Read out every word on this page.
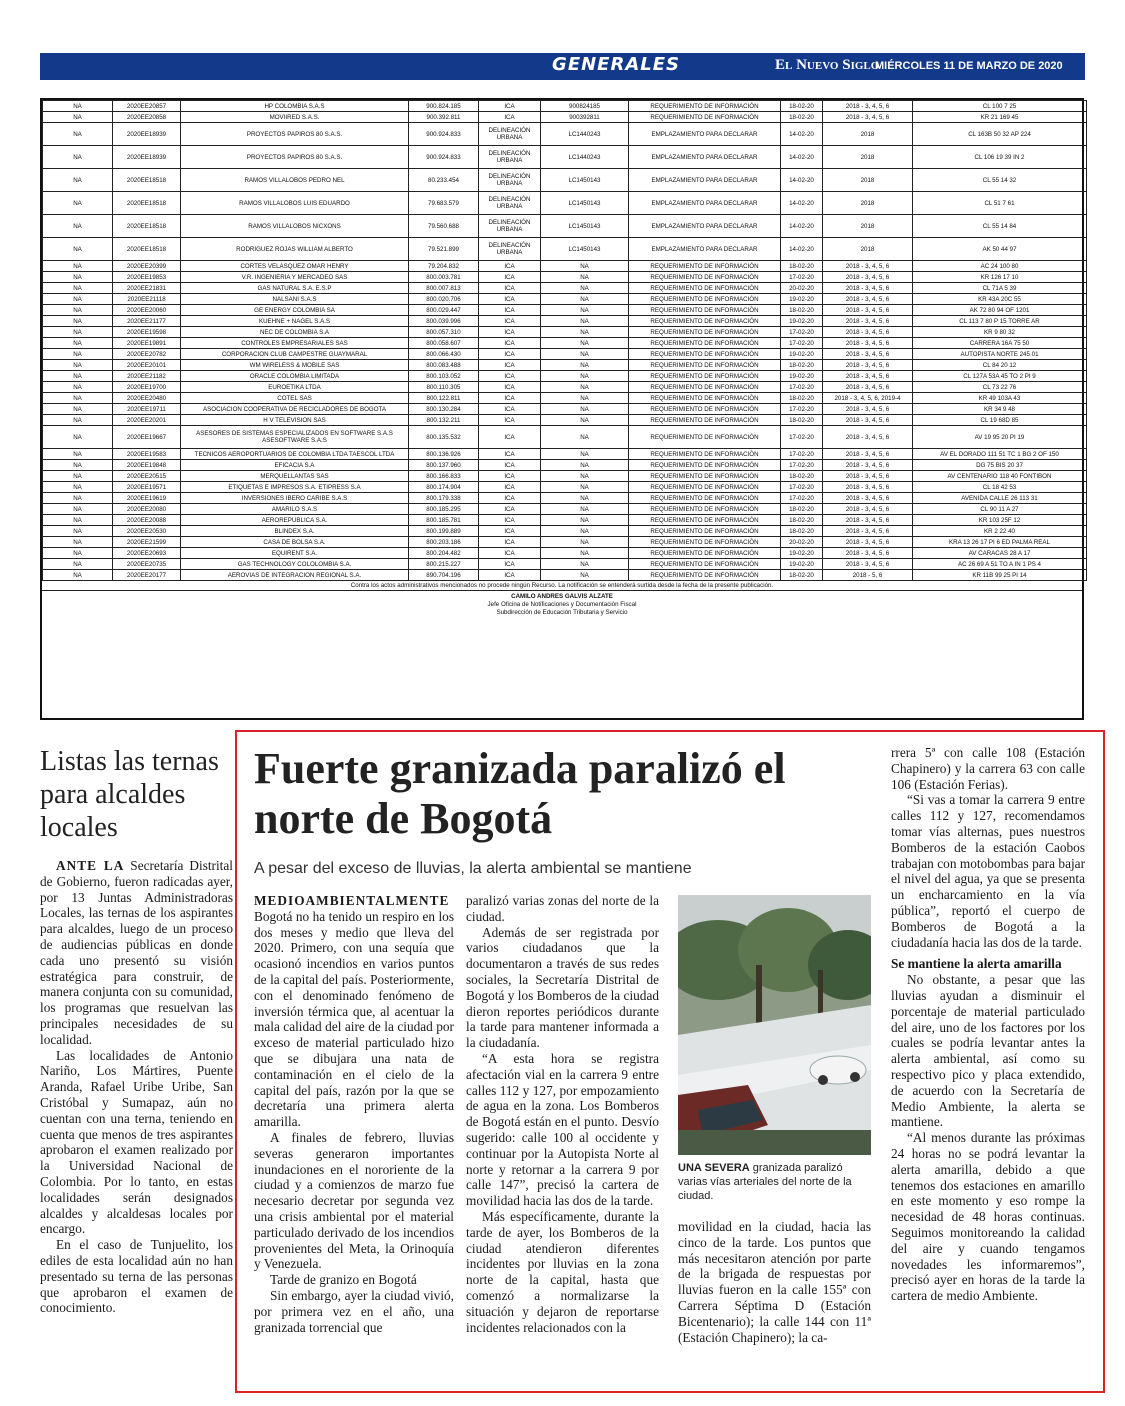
GENERALES	El Nuevo Siglo
MIÉRCOLES 11 DE MARZO DE 2020 23A
NA	2020EE20857	HP COLOMBIA S.A.S	900.824.185	ICA	900824185	REQUERIMIENTO DE INFORMACIÓN	18-02-20	2018 - 3, 4, 5, 6	CL 100 7 25
NA	2020EE20858	MOVIIRED S.A.S.	900.392.811	ICA	900392811	REQUERIMIENTO DE INFORMACIÓN	18-02-20	2018 - 3, 4, 5, 6	KR 21 169 45
NA	2020EE18939	PROYECTOS PAPIROS 80 S.A.S.	900.924.833	DELINEACIÓN URBANA	LC1440243	EMPLAZAMIENTO PARA DECLARAR	14-02-20	2018	CL 163B 50 32 AP 224
NA	2020EE18939	PROYECTOS PAPIROS 80 S.A.S.	900.924.833	DELINEACIÓN URBANA	LC1440243	EMPLAZAMIENTO PARA DECLARAR	14-02-20	2018	CL 106 19 39 IN 2
NA	2020EE18518	RAMOS VILLALOBOS PEDRO NEL	80.233.454	DELINEACIÓN URBANA	LC1450143	EMPLAZAMIENTO PARA DECLARAR	14-02-20	2018	CL 55 14 32
NA	2020EE18518	RAMOS VILLALOBOS LUIS EDUARDO	79.683.579	DELINEACIÓN URBANA	LC1450143	EMPLAZAMIENTO PARA DECLARAR	14-02-20	2018	CL 51 7 61
NA	2020EE18518	RAMOS VILLALOBOS NICXONS	79.560.688	DELINEACIÓN URBANA	LC1450143	EMPLAZAMIENTO PARA DECLARAR	14-02-20	2018	CL 55 14 84
NA	2020EE18518	RODRIGUEZ ROJAS WILLIAM ALBERTO	79.521.899	DELINEACIÓN URBANA	LC1450143	EMPLAZAMIENTO PARA DECLARAR	14-02-20	2018	AK 50 44 97
NA	2020EE20399	CORTES VELASQUEZ OMAR HENRY	79.204.832	ICA	NA	REQUERIMIENTO DE INFORMACIÓN	18-02-20	2018 - 3, 4, 5, 6	AC 24 100 80
NA	2020EE19853	V.R. INGENIERIA Y MERCADEO SAS	800.003.781	ICA	NA	REQUERIMIENTO DE INFORMACIÓN	17-02-20	2018 - 3, 4, 5, 6	KR 126 17 10
NA	2020EE21831	GAS NATURAL S.A. E.S.P	800.007.813	ICA	NA	REQUERIMIENTO DE INFORMACIÓN	20-02-20	2018 - 3, 4, 5, 6	CL 71A 5 39
NA	2020EE21118	NALSANI S.A.S	800.020.706	ICA	NA	REQUERIMIENTO DE INFORMACIÓN	19-02-20	2018 - 3, 4, 5, 6	KR 43A 20C 55
NA	2020EE20060	GE ENERGY COLOMBIA SA	800.029.447	ICA	NA	REQUERIMIENTO DE INFORMACIÓN	18-02-20	2018 - 3, 4, 5, 6	AK 72 80 94 OF 1201
NA	2020EE21177	KUEHNE + NAGEL S.A.S	800.039.996	ICA	NA	REQUERIMIENTO DE INFORMACIÓN	19-02-20	2018 - 3, 4, 5, 6	CL 113 7 80 P 15 TORRE AR
NA	2020EE19598	NEC DE COLOMBIA S.A	800.057.310	ICA	NA	REQUERIMIENTO DE INFORMACIÓN	17-02-20	2018 - 3, 4, 5, 6	KR 9 80 32
NA	2020EE19891	CONTROLES EMPRESARIALES SAS	800.058.607	ICA	NA	REQUERIMIENTO DE INFORMACIÓN	17-02-20	2018 - 3, 4, 5, 6	CARRERA 16A 75 50
NA	2020EE20782	CORPORACION CLUB CAMPESTRE GUAYMARAL	800.066.430	ICA	NA	REQUERIMIENTO DE INFORMACIÓN	19-02-20	2018 - 3, 4, 5, 6	AUTOPISTA NORTE 245 01
NA	2020EE20101	WM WIRELESS & MOBILE SAS	800.083.488	ICA	NA	REQUERIMIENTO DE INFORMACIÓN	18-02-20	2018 - 3, 4, 5, 6	CL 84 20 12
NA	2020EE21182	ORACLE COLOMBIA LIMITADA	800.103.052	ICA	NA	REQUERIMIENTO DE INFORMACIÓN	19-02-20	2018 - 3, 4, 5, 6	CL 127A 53A 45 TO 2 PI 9
NA	2020EE19700	EUROETIKA LTDA	800.110.305	ICA	NA	REQUERIMIENTO DE INFORMACIÓN	17-02-20	2018 - 3, 4, 5, 6	CL 73 22 76
NA	2020EE20480	COTEL SAS	800.122.811	ICA	NA	REQUERIMIENTO DE INFORMACIÓN	18-02-20	2018 - 3, 4, 5, 6, 2019-4	KR 49 103A 43
NA	2020EE19711	ASOCIACION COOPERATIVA DE RECICLADORES DE BOGOTA	800.130.284	ICA	NA	REQUERIMIENTO DE INFORMACIÓN	17-02-20	2018 - 3, 4, 5, 6	KR 34 9 48
NA	2020EE20201	H V TELEVISION SAS	800.132.211	ICA	NA	REQUERIMIENTO DE INFORMACIÓN	18-02-20	2018 - 3, 4, 5, 6	CL 19 68D 85
NA	2020EE19667	ASESORES DE SISTEMAS ESPECIALIZADOS EN SOFTWARE S.A.S ASESOFTWARE S.A.S	800.135.532	ICA	NA	REQUERIMIENTO DE INFORMACIÓN	17-02-20	2018 - 3, 4, 5, 6	AV 19 95 20 PI 19
NA	2020EE19583	TECNICOS AEROPORTUARIOS DE COLOMBIA LTDA TAESCOL LTDA	800.136.926	ICA	NA	REQUERIMIENTO DE INFORMACIÓN	17-02-20	2018 - 3, 4, 5, 6	AV EL DORADO 111 51 TC 1 BG 2 OF 150
NA	2020EE19848	EFICACIA S.A	800.137.960	ICA	NA	REQUERIMIENTO DE INFORMACIÓN	17-02-20	2018 - 3, 4, 5, 6	DG 75 BIS 20 37
NA	2020EE20515	MERQUELLANTAS SAS	800.166.833	ICA	NA	REQUERIMIENTO DE INFORMACIÓN	18-02-20	2018 - 3, 4, 5, 6	AV CENTENARIO 118 40 FONTIBON
NA	2020EE19571	ETIQUETAS E IMPRESOS S.A. ETIPRESS S.A	800.174.904	ICA	NA	REQUERIMIENTO DE INFORMACIÓN	17-02-20	2018 - 3, 4, 5, 6	CL 18 42 53
NA	2020EE19619	INVERSIONES IBERO CARIBE S.A.S	800.179.338	ICA	NA	REQUERIMIENTO DE INFORMACIÓN	17-02-20	2018 - 3, 4, 5, 6	AVENIDA CALLE 26 113 31
NA	2020EE20080	AMARILO S.A.S	800.185.295	ICA	NA	REQUERIMIENTO DE INFORMACIÓN	18-02-20	2018 - 3, 4, 5, 6	CL 90 11 A 27
NA	2020EE20088	AEROREPUBLICA S.A.	800.185.781	ICA	NA	REQUERIMIENTO DE INFORMACIÓN	18-02-20	2018 - 3, 4, 5, 6	KR 103 25F 12
NA	2020EE20530	BLINDEX S.A.	800.199.889	ICA	NA	REQUERIMIENTO DE INFORMACIÓN	18-02-20	2018 - 3, 4, 5, 6	KR 2 22 40
NA	2020EE21599	CASA DE BOLSA S.A.	800.203.186	ICA	NA	REQUERIMIENTO DE INFORMACIÓN	20-02-20	2018 - 3, 4, 5, 6	KRA 13 26 17 PI 6 ED PALMA REAL
NA	2020EE20693	EQUIRENT S.A.	800.204.482	ICA	NA	REQUERIMIENTO DE INFORMACIÓN	19-02-20	2018 - 3, 4, 5, 6	AV CARACAS 28 A 17
NA	2020EE20735	GAS TECHNOLOGY COLOLOMBIA S.A.	800.215.227	ICA	NA	REQUERIMIENTO DE INFORMACIÓN	19-02-20	2018 - 3, 4, 5, 6	AC 26 69 A 51 TO A IN 1 PS 4
NA	2020EE20177	AEROVIAS DE INTEGRACION REGIONAL S.A.	890.704.196	ICA	NA	REQUERIMIENTO DE INFORMACIÓN	18-02-20	2018 - 5, 6	KR 11B 99 25 PI 14
Contra los actos administrativos mencionados no procede ningún Recurso. La notificación se entenderá surtida desde la fecha de la presente publicación.
CAMILO ANDRES GALVIS ALZATE
Jefe Oficina de Notificaciones y Documentación Fiscal
Subdirección de Educación Tributaria y Servicio
Listas las ternas para alcaldes locales

ANTE LA Secretaría Distrital de Gobierno, fueron radicadas ayer, por 13 Juntas Administradoras Locales, las ternas de los aspirantes para alcaldes, luego de un proceso de audiencias públicas en donde cada uno presentó su visión estratégica para construir, de manera conjunta con su comunidad, los programas que resuelvan las principales necesidades de su localidad.

Las localidades de Antonio Nariño, Los Mártires, Puente Aranda, Rafael Uribe Uribe, San Cristóbal y Sumapaz, aún no cuentan con una terna, teniendo en cuenta que menos de tres aspirantes aprobaron el examen realizado por la Universidad Nacional de Colombia. Por lo tanto, en estas localidades serán designados alcaldes y alcaldesas locales por encargo.

En el caso de Tunjuelito, los ediles de esta localidad aún no han presentado su terna de las personas que aprobaron el examen de conocimiento.

Fuerte granizada paralizó el norte de Bogotá
A pesar del exceso de lluvias, la alerta ambiental se mantiene

MEDIOAMBIENTALMENTE Bogotá no ha tenido un respiro en los dos meses y medio que lleva del 2020. Primero, con una sequía que ocasionó incendios en varios puntos de la capital del país. Posteriormente, con el denominado fenómeno de inversión térmica que, al acentuar la mala calidad del aire de la ciudad por exceso de material particulado hizo que se dibujara una nata de contaminación en el cielo de la capital del país, razón por la que se decretaría una primera alerta amarilla.

A finales de febrero, lluvias severas generaron importantes inundaciones en el nororiente de la ciudad y a comienzos de marzo fue necesario decretar por segunda vez una crisis ambiental por el material particulado derivado de los incendios provenientes del Meta, la Orinoquía y Venezuela.

Tarde de granizo en Bogotá

Sin embargo, ayer la ciudad vivió, por primera vez en el año, una granizada torrencial que

paralizó varias zonas del norte de la ciudad.

Además de ser registrada por varios ciudadanos que la documentaron a través de sus redes sociales, la Secretaría Distrital de Bogotá y los Bomberos de la ciudad dieron reportes periódicos durante la tarde para mantener informada a la ciudadanía.

“A esta hora se registra afectación vial en la carrera 9 entre calles 112 y 127, por empozamiento de agua en la zona. Los Bomberos de Bogotá están en el punto. Desvío sugerido: calle 100 al occidente y continuar por la Autopista Norte al norte y retornar a la carrera 9 por calle 147”, precisó la cartera de movilidad hacia las dos de la tarde.

Más específicamente, durante la tarde de ayer, los Bomberos de la ciudad atendieron diferentes incidentes por lluvias en la zona norte de la capital, hasta que comenzó a normalizarse la situación y dejaron de reportarse incidentes relacionados con la

UNA SEVERA granizada paralizó varias vías arteriales del norte de la ciudad.

movilidad en la ciudad, hacia las cinco de la tarde. Los puntos que más necesitaron atención por parte de la brigada de respuestas por lluvias fueron en la calle 155ª con Carrera Séptima D (Estación Bicentenario); la calle 144 con 11ª (Estación Chapinero); la ca-

rrera 5ª con calle 108 (Estación Chapinero) y la carrera 63 con calle 106 (Estación Ferias).

“Si vas a tomar la carrera 9 entre calles 112 y 127, recomendamos tomar vías alternas, pues nuestros Bomberos de la estación Caobos trabajan con motobombas para bajar el nivel del agua, ya que se presenta un encharcamiento en la vía pública”, reportó el cuerpo de Bomberos de Bogotá a la ciudadanía hacia las dos de la tarde.

Se mantiene la alerta amarilla

No obstante, a pesar que las lluvias ayudan a disminuir el porcentaje de material particulado del aire, uno de los factores por los cuales se podría levantar antes la alerta ambiental, así como su respectivo pico y placa extendido, de acuerdo con la Secretaría de Medio Ambiente, la alerta se mantiene.

“Al menos durante las próximas 24 horas no se podrá levantar la alerta amarilla, debido a que tenemos dos estaciones en amarillo en este momento y eso rompe la necesidad de 48 horas continuas. Seguimos monitoreando la calidad del aire y cuando tengamos novedades les informaremos”, precisó ayer en horas de la tarde la cartera de medio Ambiente.
